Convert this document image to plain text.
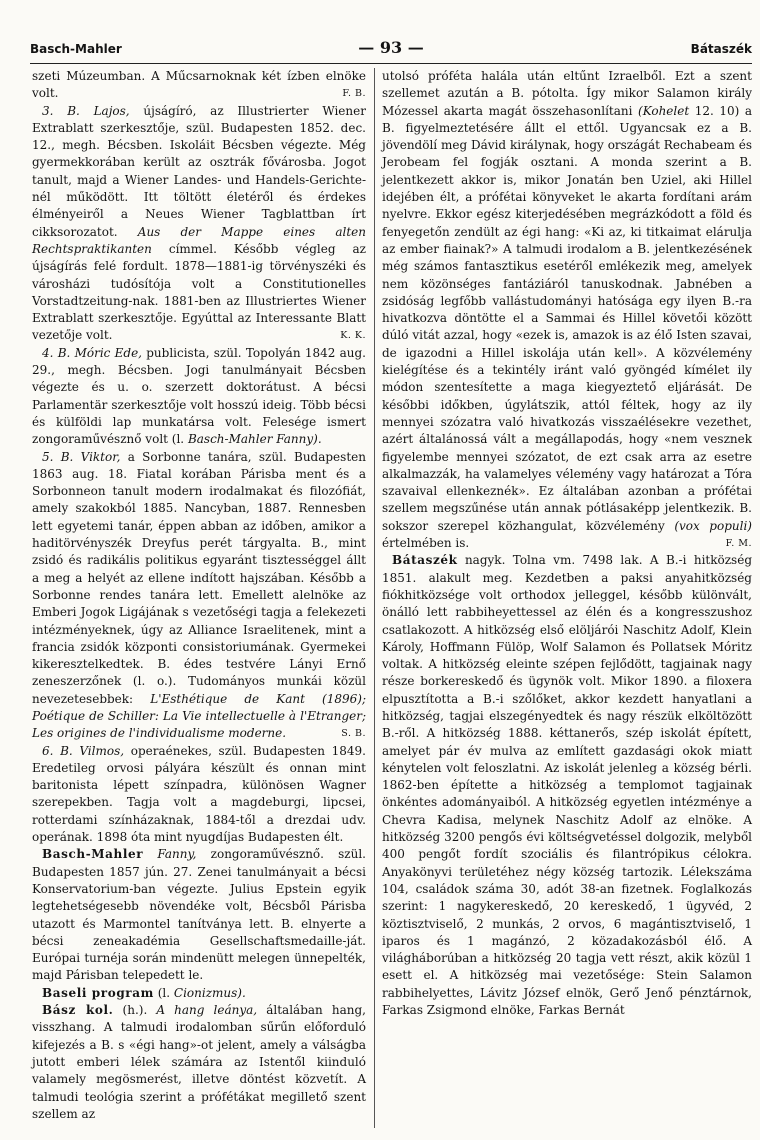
Basch-Mahler	— 93 —	Bátaszék

szeti Múzeumban. A Műcsarnoknak két ízben elnöke volt.	F. B.

3. B. Lajos, újságíró, az Illustrierter Wiener Extrablatt szerkesztője, szül. Budapesten 1852. dec. 12., megh. Bécsben. Iskoláit Bécsben végezte. Még gyermekkorában került az osztrák fővárosba. Jogot tanult, majd a Wiener Landes- und Handels-Gerichte-nél működött. Itt töltött életéről és érdekes élményeiről a Neues Wiener Tagblattban írt cikksorozatot. Aus der Mappe eines alten Rechtspraktikanten címmel. Később végleg az újságírás felé fordult. 1878—1881-ig törvényszéki és városházi tudósítója volt a Constitutionelles Vorstadtzeitung-nak. 1881-ben az Illustriertes Wiener Extrablatt szerkesztője. Egyúttal az Interessante Blatt vezetője volt.	K. K.

4. B. Móric Ede, publicista, szül. Topolyán 1842 aug. 29., megh. Bécsben. Jogi tanulmányait Bécsben végezte és u. o. szerzett doktorátust. A bécsi Parlamentär szerkesztője volt hosszú ideig. Több bécsi és külföldi lap munkatársa volt. Felesége ismert zongoraművésznő volt (l. Basch-Mahler Fanny).

5. B. Viktor, a Sorbonne tanára, szül. Budapesten 1863 aug. 18. Fiatal korában Párisba ment és a Sorbonneon tanult modern irodalmakat és filozófiát, amely szakokból 1885. Nancyban, 1887. Rennesben lett egyetemi tanár, éppen abban az időben, amikor a haditörvényszék Dreyfus perét tárgyalta. B., mint zsidó és radikális politikus egyaránt tisztességgel állt a meg a helyét az ellene indított hajszában. Később a Sorbonne rendes tanára lett. Emellett alelnöke az Emberi Jogok Ligájának s vezetőségi tagja a felekezeti intézményeknek, úgy az Alliance Israelitenek, mint a francia zsidók központi consistoriumának. Gyermekei kikeresztelkedtek. B. édes testvére Lányi Ernő zeneszerzőnek (l. o.). Tudományos munkái közül nevezetesebbek: L'Esthétique de Kant (1896); Poétique de Schiller: La Vie intellectuelle à l'Etranger; Les origines de l'individualisme moderne.	S. B.

6. B. Vilmos, operaénekes, szül. Budapesten 1849. Eredetileg orvosi pályára készült és onnan mint baritonista lépett színpadra, különösen Wagner szerepekben. Tagja volt a magdeburgi, lipcsei, rotterdami színházaknak, 1884-től a drezdai udv. operának. 1898 óta mint nyugdíjas Budapesten élt.

Basch-Mahler Fanny, zongoraművésznő. szül. Budapesten 1857 jún. 27. Zenei tanulmányait a bécsi Konservatorium-ban végezte. Julius Epstein egyik legtehetségesebb növendéke volt, Bécsből Párisba utazott és Marmontel tanítványa lett. B. elnyerte a bécsi zeneakadémia Gesellschaftsmedaille-ját. Európai turnéja során mindenütt melegen ünnepelték, majd Párisban telepedett le.

Baseli program (l. Cionizmus).

Bász kol. (h.). A hang leánya, általában hang, visszhang. A talmudi irodalomban sűrűn előforduló kifejezés a B. s «égi hang»-ot jelent, amely a válságba jutott emberi lélek számára az Istentől kiinduló valamely megösmerést, illetve döntést közvetít. A talmudi teológia szerint a prófétákat megillető szent szellem az

utolsó próféta halála után eltűnt Izraelből. Ezt a szent szellemet azután a B. pótolta. Így mikor Salamon király Mózessel akarta magát összehasonlítani (Kohelet 12. 10) a B. figyelmeztetésére állt el ettől. Ugyancsak ez a B. jövendölí meg Dávid királynak, hogy országát Rechabeam és Jerobeam fel fogják osztani. A monda szerint a B. jelentkezett akkor is, mikor Jonatán ben Uziel, aki Hillel idejében élt, a prófétai könyveket le akarta fordítani arám nyelvre. Ekkor egész kiterjedésében megrázkódott a föld és fenyegetőn zendült az égi hang: «Ki az, ki titkaimat elárulja az ember fiainak?» A talmudi irodalom a B. jelentkezésének még számos fantasztikus esetéről emlékezik meg, amelyek nem közönséges fantáziáról tanuskodnak. Jabnében a zsidóság legfőbb vallástudományi hatósága egy ilyen B.-ra hivatkozva döntötte el a Sammai és Hillel követői között dúló vitát azzal, hogy «ezek is, amazok is az élő Isten szavai, de igazodni a Hillel iskolája után kell». A közvélemény kielégítése és a tekintély iránt való gyöngéd kímélet ily módon szentesítette a maga kiegyeztető eljárását. De későbbi időkben, úgylátszik, attól féltek, hogy az ily mennyei szózatra való hivatkozás visszaélésekre vezethet, azért általánossá vált a megállapodás, hogy «nem vesznek figyelembe mennyei szózatot, de ezt csak arra az esetre alkalmazzák, ha valamelyes vélemény vagy határozat a Tóra szavaival ellenkeznék». Ez általában azonban a prófétai szellem megszűnése után annak pótlásaképp jelentkezik. B. sokszor szerepel közhangulat, közvélemény (vox populi) értelmében is.	F. M.

Bátaszék nagyk. Tolna vm. 7498 lak. A B.-i hitközség 1851. alakult meg. Kezdetben a paksi anyahitközség fiókhitközsége volt orthodox jelleggel, később különvált, önálló lett rabbiheyettessel az élén és a kongresszushoz csatlakozott. A hitközség első elöljárói Naschitz Adolf, Klein Károly, Hoffmann Fülöp, Wolf Salamon és Pollatsek Móritz voltak. A hitközség eleinte szépen fejlődött, tagjainak nagy része borkereskedő és ügynök volt. Mikor 1890. a filoxera elpusztította a B.-i szőlőket, akkor kezdett hanyatlani a hitközség, tagjai elszegényedtek és nagy részük elköltözött B.-ről. A hitközség 1888. kéttanerős, szép iskolát épített, amelyet pár év mulva az említett gazdasági okok miatt kénytelen volt feloszlatni. Az iskolát jelenleg a község bérli. 1862-ben építette a hitközség a templomot tagjainak önkéntes adományaiból. A hitközség egyetlen intézménye a Chevra Kadisa, melynek Naschitz Adolf az elnöke. A hitközség 3200 pengős évi költségvetéssel dolgozik, melyből 400 pengőt fordít szociális és filantrópikus célokra. Anyakönyvi területéhez négy község tartozik. Lélekszáma 104, családok száma 30, adót 38-an fizetnek. Foglalkozás szerint: 1 nagykereskedő, 20 kereskedő, 1 ügyvéd, 2 köztisztviselő, 2 munkás, 2 orvos, 6 magántisztviselő, 1 iparos és 1 magánzó, 2 közadakozásból élő. A világháborúban a hitközség 20 tagja vett részt, akik közül 1 esett el. A hitközség mai vezetősége: Stein Salamon rabbihelyettes, Lávitz József elnök, Gerő Jenő pénztárnok, Farkas Zsigmond elnöke, Farkas Bernát
